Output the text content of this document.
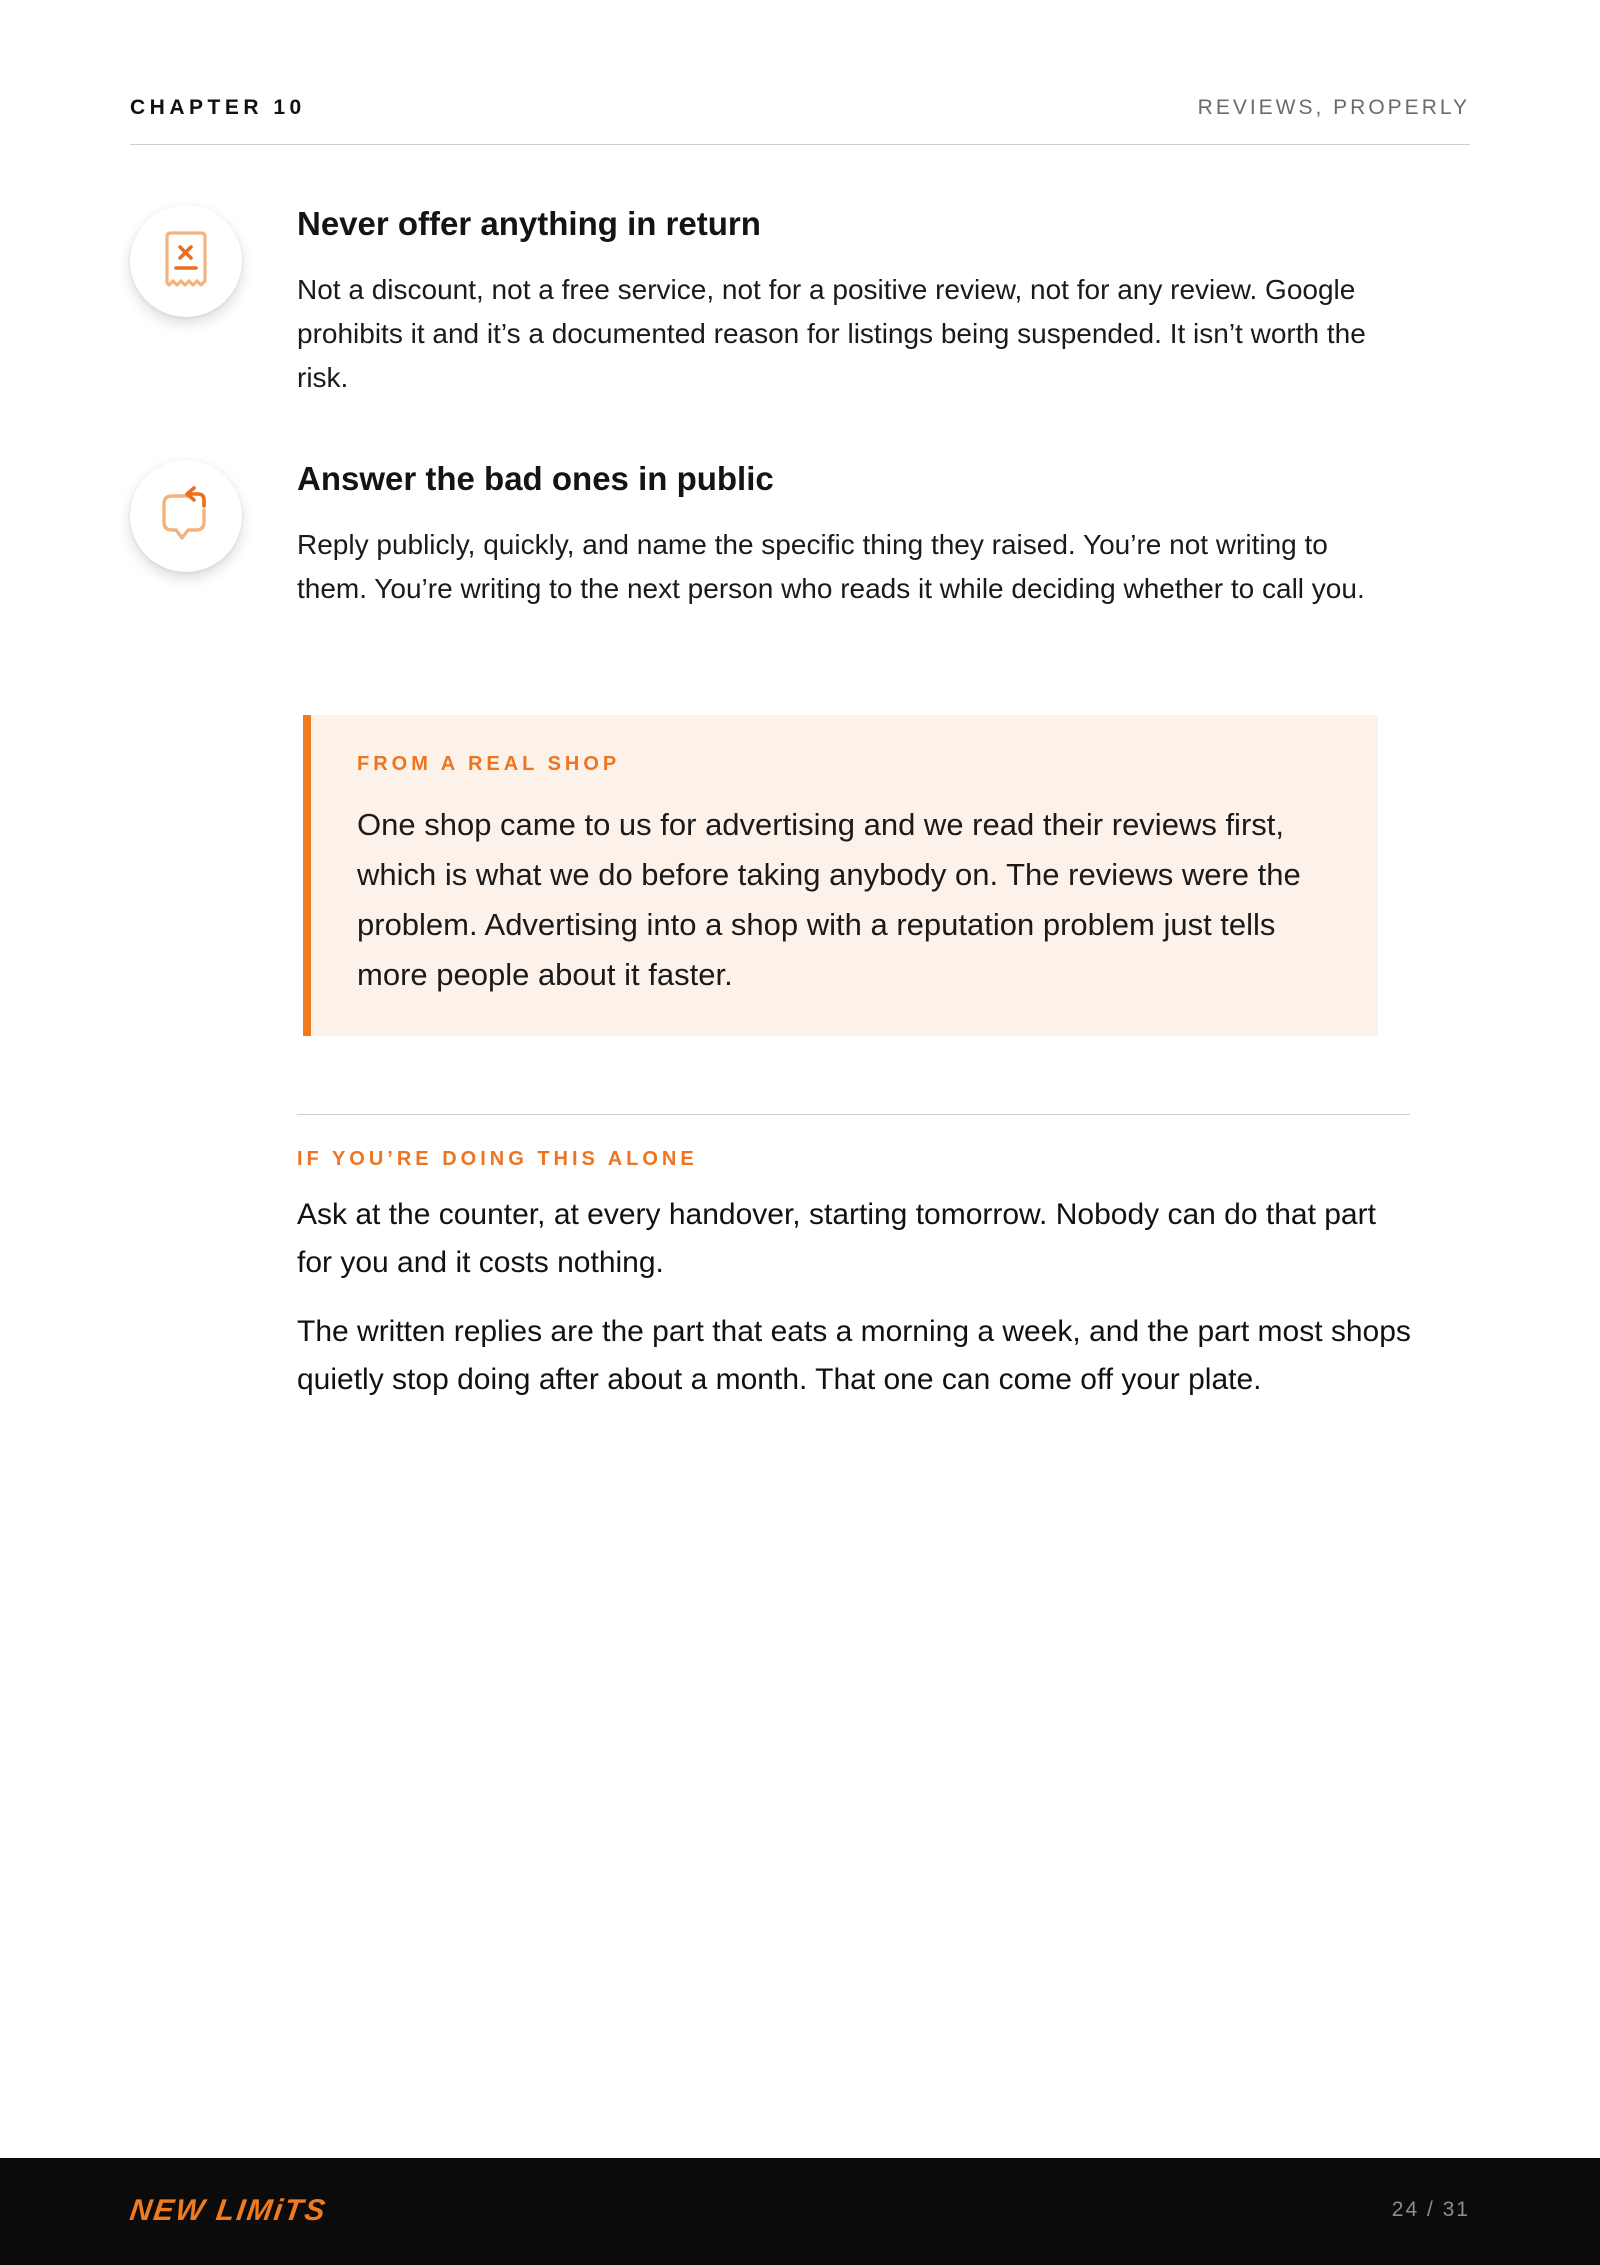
CHAPTER 10	REVIEWS, PROPERLY
Never offer anything in return
Not a discount, not a free service, not for a positive review, not for any review. Google prohibits it and it’s a documented reason for listings being suspended. It isn’t worth the risk.
Answer the bad ones in public
Reply publicly, quickly, and name the specific thing they raised. You’re not writing to them. You’re writing to the next person who reads it while deciding whether to call you.
FROM A REAL SHOP
One shop came to us for advertising and we read their reviews first, which is what we do before taking anybody on. The reviews were the problem. Advertising into a shop with a reputation problem just tells more people about it faster.
IF YOU’RE DOING THIS ALONE
Ask at the counter, at every handover, starting tomorrow. Nobody can do that part for you and it costs nothing.
The written replies are the part that eats a morning a week, and the part most shops quietly stop doing after about a month. That one can come off your plate.
NEW LIMiTS	24 / 31
